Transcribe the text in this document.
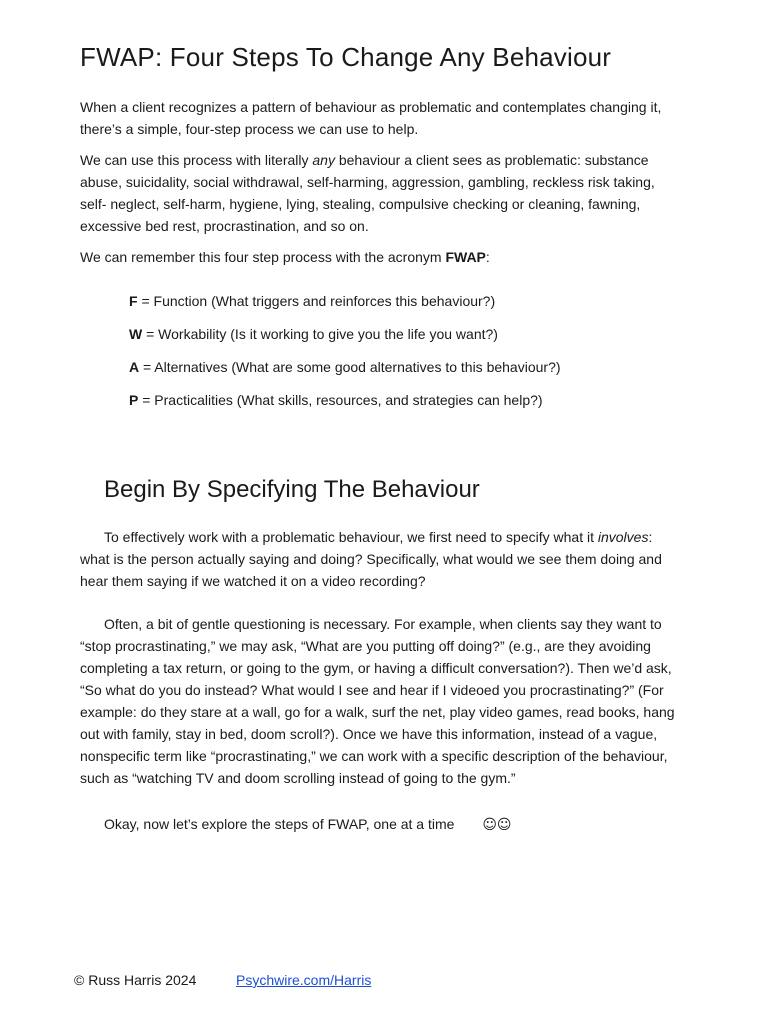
FWAP: Four Steps To Change Any Behaviour

When a client recognizes a pattern of behaviour as problematic and contemplates changing it, there’s a simple, four-step process we can use to help.

We can use this process with literally any behaviour a client sees as problematic: substance abuse, suicidality, social withdrawal, self-harming, aggression, gambling, reckless risk taking, self- neglect, self-harm, hygiene, lying, stealing, compulsive checking or cleaning, fawning, excessive bed rest, procrastination, and so on.

We can remember this four step process with the acronym FWAP:

F = Function (What triggers and reinforces this behaviour?)
W = Workability (Is it working to give you the life you want?)
A = Alternatives (What are some good alternatives to this behaviour?)
P = Practicalities (What skills, resources, and strategies can help?)
Begin By Specifying The Behaviour

To effectively work with a problematic behaviour, we first need to specify what it involves: what is the person actually saying and doing? Specifically, what would we see them doing and hear them saying if we watched it on a video recording?

Often, a bit of gentle questioning is necessary. For example, when clients say they want to “stop procrastinating,” we may ask, “What are you putting off doing?” (e.g., are they avoiding completing a tax return, or going to the gym, or having a difficult conversation?). Then we’d ask, “So what do you do instead? What would I see and hear if I videoed you procrastinating?” (For example: do they stare at a wall, go for a walk, surf the net, play video games, read books, hang out with family, stay in bed, doom scroll?). Once we have this information, instead of a vague, nonspecific term like “procrastinating,” we can work with a specific description of the behaviour, such as “watching TV and doom scrolling instead of going to the gym.”

Okay, now let’s explore the steps of FWAP, one at a time ☺☺

© Russ Harris 2024	Psychwire.com/Harris
